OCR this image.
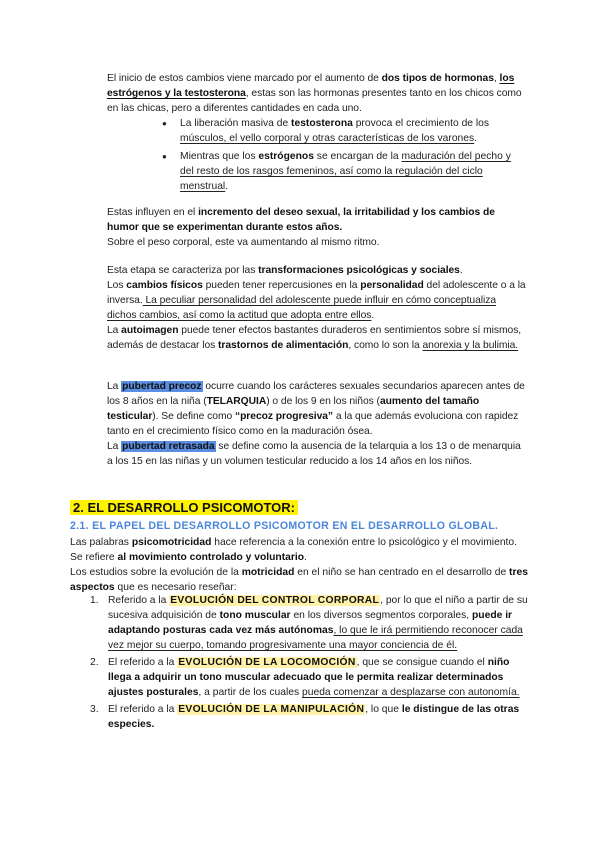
El inicio de estos cambios viene marcado por el aumento de dos tipos de hormonas, los estrógenos y la testosterona, estas son las hormonas presentes tanto en los chicos como en las chicas, pero a diferentes cantidades en cada uno.

● La liberación masiva de testosterona provoca el crecimiento de los músculos, el vello corporal y otras características de los varones.
● Mientras que los estrógenos se encargan de la maduración del pecho y del resto de los rasgos femeninos, así como la regulación del ciclo menstrual.

Estas influyen en el incremento del deseo sexual, la irritabilidad y los cambios de humor que se experimentan durante estos años.
Sobre el peso corporal, este va aumentando al mismo ritmo.

Esta etapa se caracteriza por las transformaciones psicológicas y sociales.
Los cambios físicos pueden tener repercusiones en la personalidad del adolescente o a la inversa. La peculiar personalidad del adolescente puede influir en cómo conceptualiza dichos cambios, así como la actitud que adopta entre ellos.
La autoimagen puede tener efectos bastantes duraderos en sentimientos sobre sí mismos, además de destacar los trastornos de alimentación, como lo son la anorexia y la bulimia.

La pubertad precoz ocurre cuando los carácteres sexuales secundarios aparecen antes de los 8 años en la niña (TELARQUIA) o de los 9 en los niños (aumento del tamaño testicular). Se define como “precoz progresiva” a la que además evoluciona con rapidez tanto en el crecimiento físico como en la maduración ósea.
La pubertad retrasada se define como la ausencia de la telarquia a los 13 o de menarquia a los 15 en las niñas y un volumen testicular reducido a los 14 años en los niños.

2. EL DESARROLLO PSICOMOTOR:

2.1. EL PAPEL DEL DESARROLLO PSICOMOTOR EN EL DESARROLLO GLOBAL.

Las palabras psicomotricidad hace referencia a la conexión entre lo psicológico y el movimiento. Se refiere al movimiento controlado y voluntario.
Los estudios sobre la evolución de la motricidad en el niño se han centrado en el desarrollo de tres aspectos que es necesario reseñar:

1. Referido a la EVOLUCIÓN DEL CONTROL CORPORAL, por lo que el niño a partir de su sucesiva adquisición de tono muscular en los diversos segmentos corporales, puede ir adaptando posturas cada vez más autónomas, lo que le irá permitiendo reconocer cada vez mejor su cuerpo, tomando progresivamente una mayor conciencia de él.
2. El referido a la EVOLUCIÓN DE LA LOCOMOCIÓN, que se consigue cuando el niño llega a adquirir un tono muscular adecuado que le permita realizar determinados ajustes posturales, a partir de los cuales pueda comenzar a desplazarse con autonomía.
3. El referido a la EVOLUCIÓN DE LA MANIPULACIÓN, lo que le distingue de las otras especies.
